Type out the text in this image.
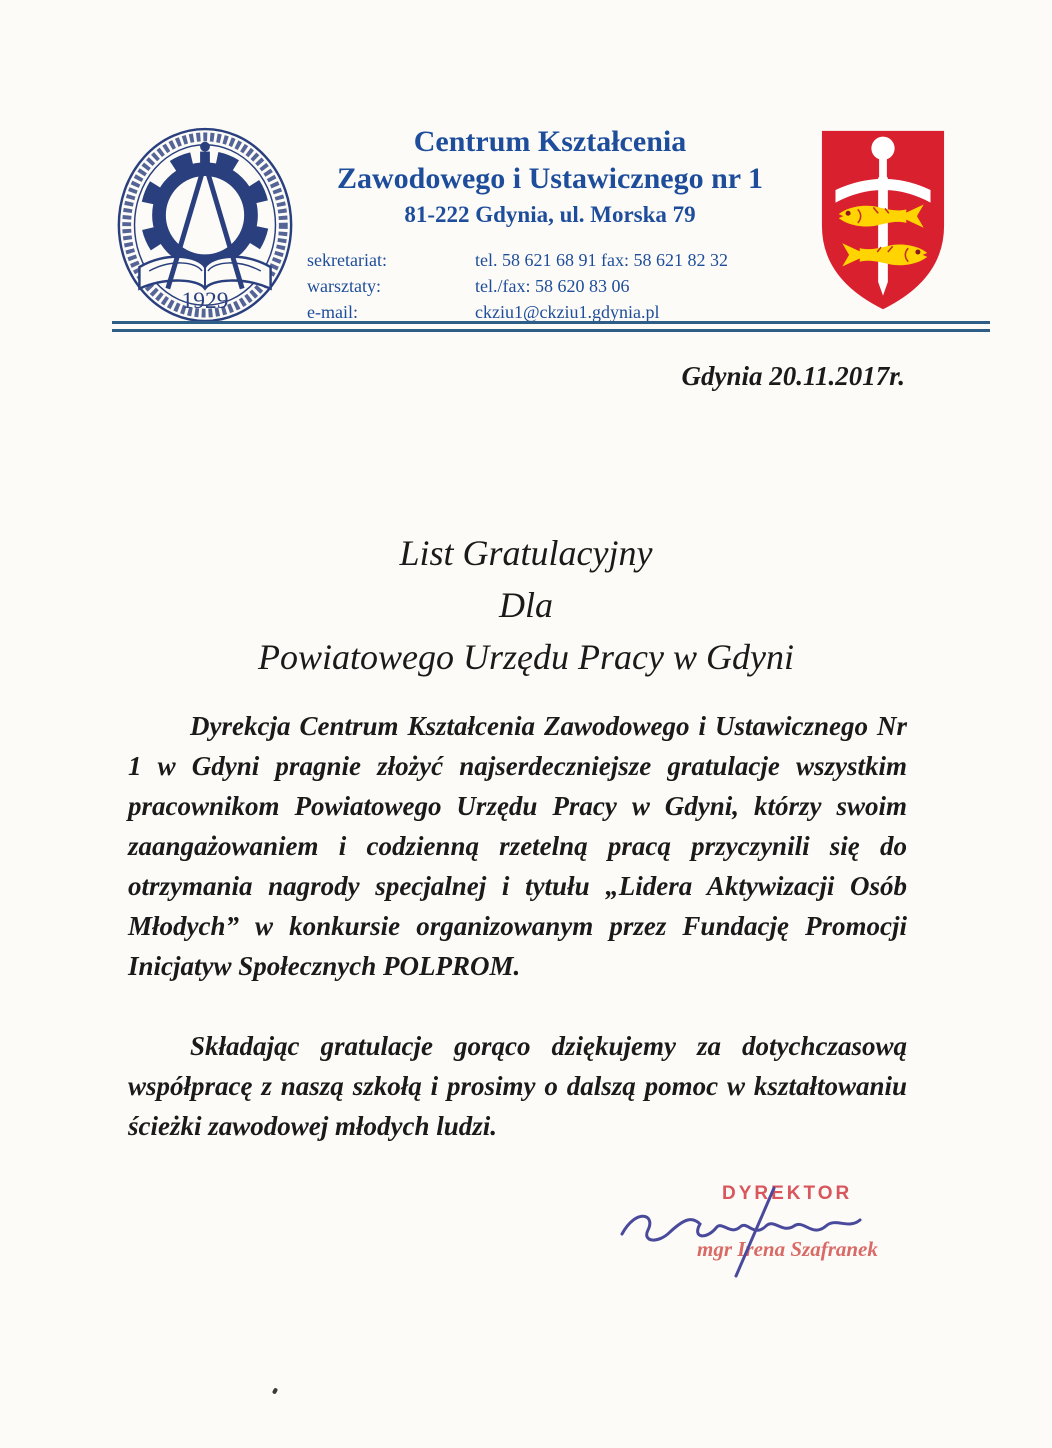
1929
Centrum Kształcenia
Zawodowego i Ustawicznego nr 1
81-222 Gdynia, ul. Morska 79
sekretariat:	tel. 58 621 68 91 fax: 58 621 82 32
warsztaty:	tel./fax: 58 620 83 06
e-mail:	ckziu1@ckziu1.gdynia.pl
Gdynia 20.11.2017r.
List Gratulacyjny
Dla
Powiatowego Urzędu Pracy w Gdyni

Dyrekcja Centrum Kształcenia Zawodowego i Ustawicznego Nr 1 w Gdyni pragnie złożyć najserdeczniejsze gratulacje wszystkim pracownikom Powiatowego Urzędu Pracy w Gdyni, którzy swoim zaangażowaniem i codzienną rzetelną pracą przyczynili się do otrzymania nagrody specjalnej i tytułu „Lidera Aktywizacji Osób Młodych” w konkursie organizowanym przez Fundację Promocji Inicjatyw Społecznych POLPROM.

Składając gratulacje gorąco dziękujemy za dotychczasową współpracę z naszą szkołą i prosimy o dalszą pomoc w kształtowaniu ścieżki zawodowej młodych ludzi.

DYREKTOR
mgr Irena Szafranek
